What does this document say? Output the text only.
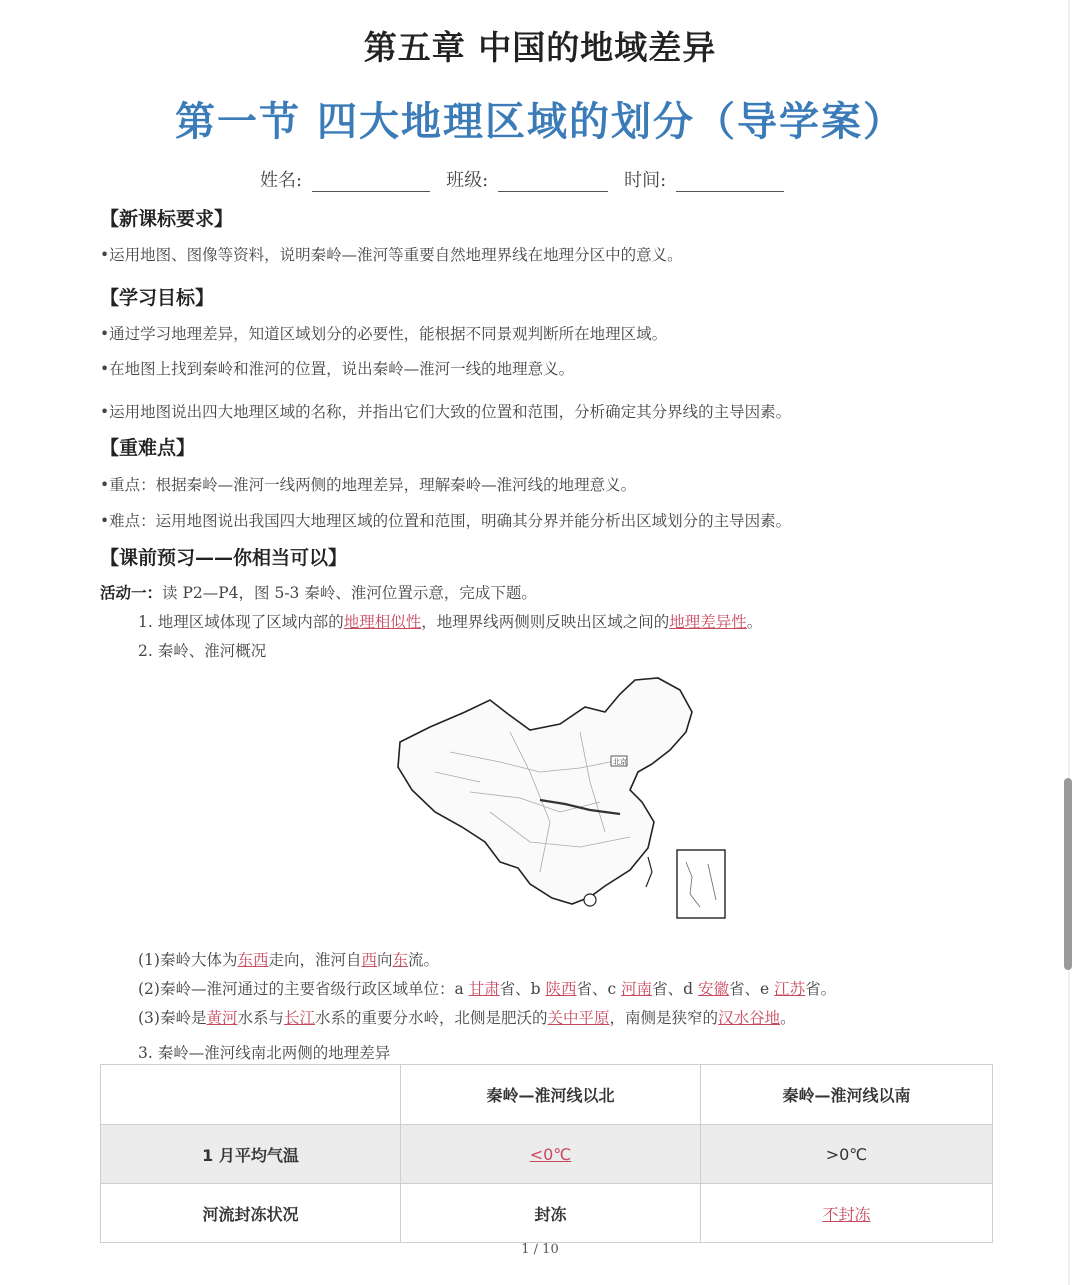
第五章 中国的地域差异
第一节 四大地理区域的划分（导学案）
姓名:	班级:	时间:
【新课标要求】
•运用地图、图像等资料，说明秦岭—淮河等重要自然地理界线在地理分区中的意义。
【学习目标】
•通过学习地理差异，知道区域划分的必要性，能根据不同景观判断所在地理区域。
•在地图上找到秦岭和淮河的位置，说出秦岭—淮河一线的地理意义。
•运用地图说出四大地理区域的名称，并指出它们大致的位置和范围，分析确定其分界线的主导因素。
【重难点】
•重点：根据秦岭—淮河一线两侧的地理差异，理解秦岭—淮河线的地理意义。
•难点：运用地图说出我国四大地理区域的位置和范围，明确其分界并能分析出区域划分的主导因素。
【课前预习——你相当可以】
活动一：读 P2—P4，图 5-3 秦岭、淮河位置示意，完成下题。
1. 地理区域体现了区域内部的地理相似性，地理界线两侧则反映出区域之间的地理差异性。
2. 秦岭、淮河概况
北京
(1)秦岭大体为东西走向，淮河自西向东流。
(2)秦岭—淮河通过的主要省级行政区域单位：a 甘肃省、b 陕西省、c 河南省、d 安徽省、e 江苏省。
(3)秦岭是黄河水系与长江水系的重要分水岭，北侧是肥沃的关中平原，南侧是狭窄的汉水谷地。
3. 秦岭—淮河线南北两侧的地理差异
	秦岭—淮河线以北	秦岭—淮河线以南
1 月平均气温	<0℃	>0℃
河流封冻状况	封冻	不封冻
1 / 10
